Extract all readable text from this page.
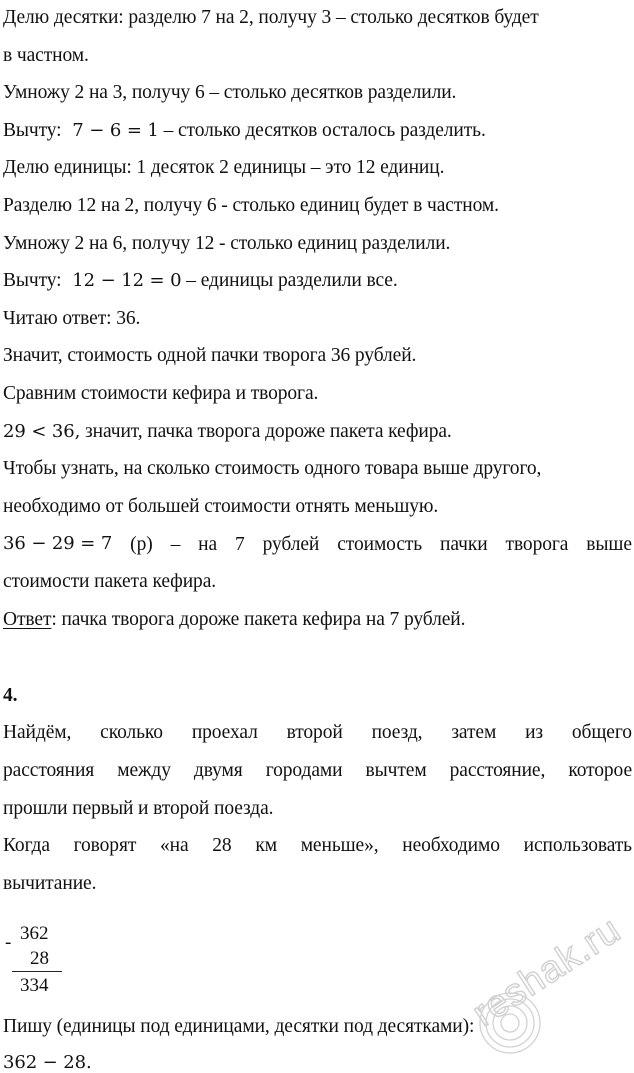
Делю десятки: разделю 7 на 2, получу 3 – столько десятков будет
в частном.
Умножу 2 на 3, получу 6 – столько десятков разделили.
Вычту: 7 − 6 = 1 – столько десятков осталось разделить.
Делю единицы: 1 десяток 2 единицы – это 12 единиц.
Разделю 12 на 2, получу 6 - столько единиц будет в частном.
Умножу 2 на 6, получу 12 - столько единиц разделили.
Вычту: 12 − 12 = 0 – единицы разделили все.
Читаю ответ: 36.
Значит, стоимость одной пачки творога 36 рублей.
Сравним стоимости кефира и творога.
29 < 36, значит, пачка творога дороже пакета кефира.
Чтобы узнать, на сколько стоимость одного товара выше другого,
необходимо от большей стоимости отнять меньшую.
36 − 29 = 7 (р) – на 7 рублей стоимость пачки творога выше
стоимости пакета кефира.
Ответ: пачка творога дороже пакета кефира на 7 рублей.
4.
Найдём, сколько проехал второй поезд, затем из общего
расстояния между двумя городами вычтем расстояние, которое
прошли первый и второй поезда.
Когда говорят «на 28 км меньше», необходимо использовать
вычитание.
- 362
28
334
Пишу (единицы под единицами, десятки под десятками):
362 − 28.
reshak.ru
